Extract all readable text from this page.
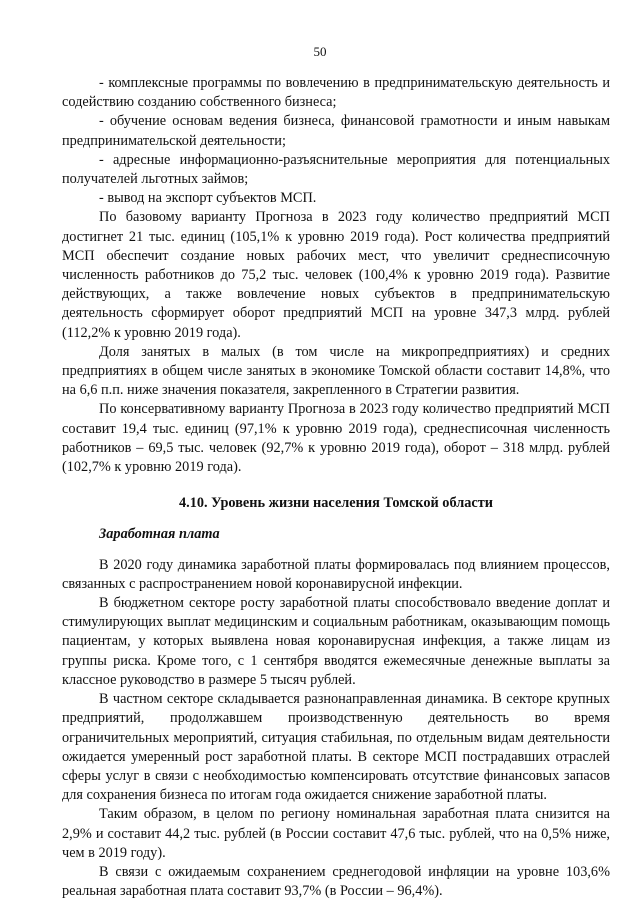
50

- комплексные программы по вовлечению в предпринимательскую деятельность и содействию созданию собственного бизнеса;

- обучение основам ведения бизнеса, финансовой грамотности и иным навыкам предпринимательской деятельности;

- адресные информационно-разъяснительные мероприятия для потенциальных получателей льготных займов;

- вывод на экспорт субъектов МСП.

По базовому варианту Прогноза в 2023 году количество предприятий МСП достигнет 21 тыс. единиц (105,1% к уровню 2019 года). Рост количества предприятий МСП обеспечит создание новых рабочих мест, что увеличит среднесписочную численность работников до 75,2 тыс. человек (100,4% к уровню 2019 года). Развитие действующих, а также вовлечение новых субъектов в предпринимательскую деятельность сформирует оборот предприятий МСП на уровне 347,3 млрд. рублей (112,2% к уровню 2019 года).

Доля занятых в малых (в том числе на микропредприятиях) и средних предприятиях в общем числе занятых в экономике Томской области составит 14,8%, что на 6,6 п.п. ниже значения показателя, закрепленного в Стратегии развития.

По консервативному варианту Прогноза в 2023 году количество предприятий МСП составит 19,4 тыс. единиц (97,1% к уровню 2019 года), среднесписочная численность работников – 69,5 тыс. человек (92,7% к уровню 2019 года), оборот – 318 млрд. рублей (102,7% к уровню 2019 года).

4.10. Уровень жизни населения Томской области
Заработная плата

В 2020 году динамика заработной платы формировалась под влиянием процессов, связанных с распространением новой коронавирусной инфекции.

В бюджетном секторе росту заработной платы способствовало введение доплат и стимулирующих выплат медицинским и социальным работникам, оказывающим помощь пациентам, у которых выявлена новая коронавирусная инфекция, а также лицам из группы риска. Кроме того, с 1 сентября вводятся ежемесячные денежные выплаты за классное руководство в размере 5 тысяч рублей.

В частном секторе складывается разнонаправленная динамика. В секторе крупных предприятий, продолжавшем производственную деятельность во время ограничительных мероприятий, ситуация стабильная, по отдельным видам деятельности ожидается умеренный рост заработной платы. В секторе МСП пострадавших отраслей сферы услуг в связи с необходимостью компенсировать отсутствие финансовых запасов для сохранения бизнеса по итогам года ожидается снижение заработной платы.

Таким образом, в целом по региону номинальная заработная плата снизится на 2,9% и составит 44,2 тыс. рублей (в России составит 47,6 тыс. рублей, что на 0,5% ниже, чем в 2019 году).

В связи с ожидаемым сохранением среднегодовой инфляции на уровне 103,6% реальная заработная плата составит 93,7% (в России – 96,4%).
